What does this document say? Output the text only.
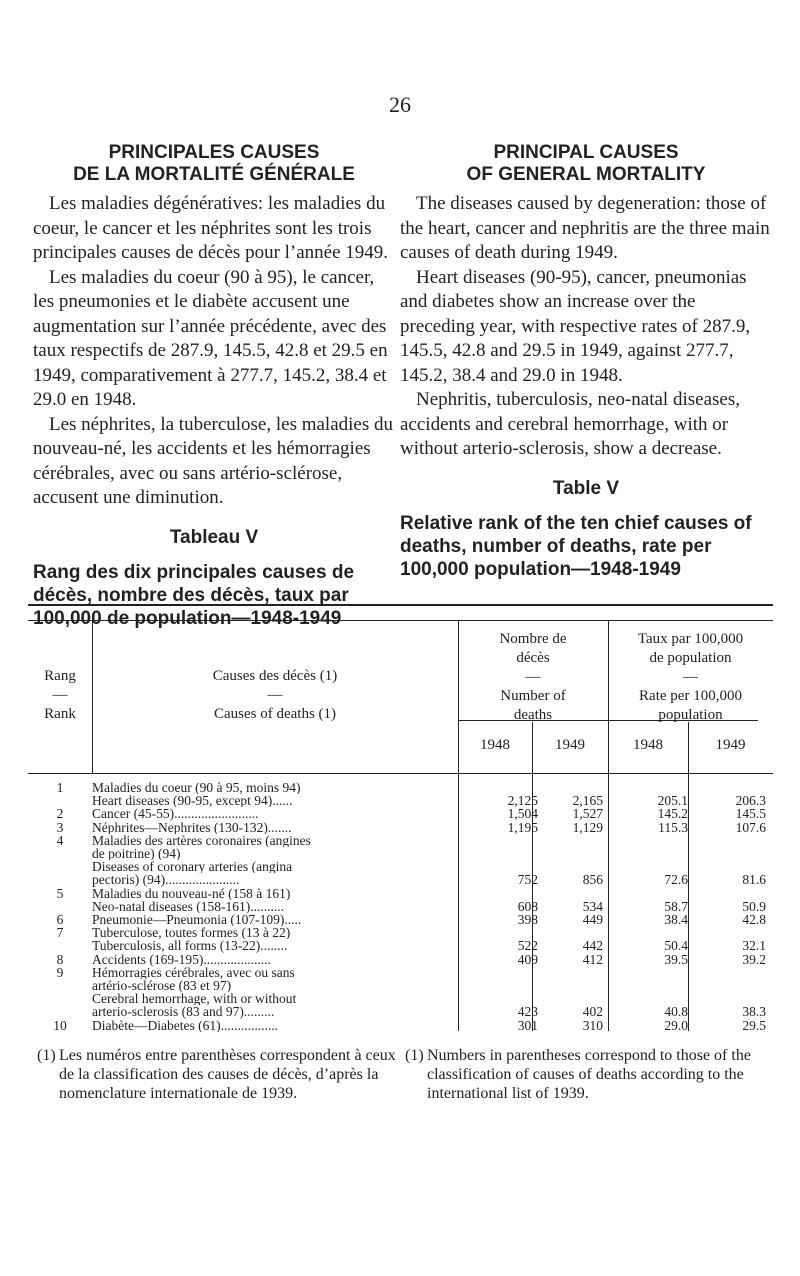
26
PRINCIPALES CAUSES
DE LA MORTALITÉ GÉNÉRALE

Les maladies dégénératives: les maladies du coeur, le cancer et les néphrites sont les trois principales causes de décès pour l’année 1949.

Les maladies du coeur (90 à 95), le cancer, les pneumonies et le diabète accusent une augmentation sur l’année précédente, avec des taux respectifs de 287.9, 145.5, 42.8 et 29.5 en 1949, comparativement à 277.7, 145.2, 38.4 et 29.0 en 1948.

Les néphrites, la tuberculose, les maladies du nouveau-né, les accidents et les hémorragies cérébrales, avec ou sans artério-sclérose, accusent une diminution.

Tableau V

Rang des dix principales causes de décès, nombre des décès, taux par 100,000 de population—1948-1949

PRINCIPAL CAUSES
OF GENERAL MORTALITY

The diseases caused by degeneration: those of the heart, cancer and nephritis are the three main causes of death during 1949.

Heart diseases (90-95), cancer, pneumonias and diabetes show an increase over the preceding year, with respective rates of 287.9, 145.5, 42.8 and 29.5 in 1949, against 277.7, 145.2, 38.4 and 29.0 in 1948.

Nephritis, tuberculosis, neo-natal diseases, accidents and cerebral hemorrhage, with or without arterio-sclerosis, show a decrease.

Table V

Relative rank of the ten chief causes of deaths, number of deaths, rate per 100,000 population—1948-1949

Rang
—
Rank
Causes des décès (1)
—
Causes of deaths (1)
Nombre de
décès
—
Number of
deaths
Taux par 100,000
de population
—
Rate per 100,000
population
1948	1949	1948	1949
1	Maladies du coeur (90 à 95, moins 94)
Heart diseases (90-95, except 94)......	2,125	2,165	205.1	206.3
2	Cancer (45-55).........................	1,504	1,527	145.2	145.5
3	Néphrites—Nephrites (130-132).......	1,195	1,129	115.3	107.6
4	Maladies des artères coronaires (angines
de poitrine) (94)
Diseases of coronary arteries (angina
pectoris) (94)......................	752	856	72.6	81.6
5	Maladies du nouveau-né (158 à 161)
Neo-natal diseases (158-161)..........	608	534	58.7	50.9
6	Pneumonie—Pneumonia (107-109).....	398	449	38.4	42.8
7	Tuberculose, toutes formes (13 à 22)
Tuberculosis, all forms (13-22)........	522	442	50.4	32.1
8	Accidents (169-195)....................	409	412	39.5	39.2
9	Hémorragies cérébrales, avec ou sans
artério-sclérose (83 et 97)
Cerebral hemorrhage, with or without
arterio-sclerosis (83 and 97).........	423	402	40.8	38.3
10	Diabète—Diabetes (61).................	301	310	29.0	29.5
(1) Les numéros entre parenthèses correspondent à ceux de la classification des causes de décès, d’après la nomenclature internationale de 1939.
(1) Numbers in parentheses correspond to those of the classification of causes of deaths according to the international list of 1939.
